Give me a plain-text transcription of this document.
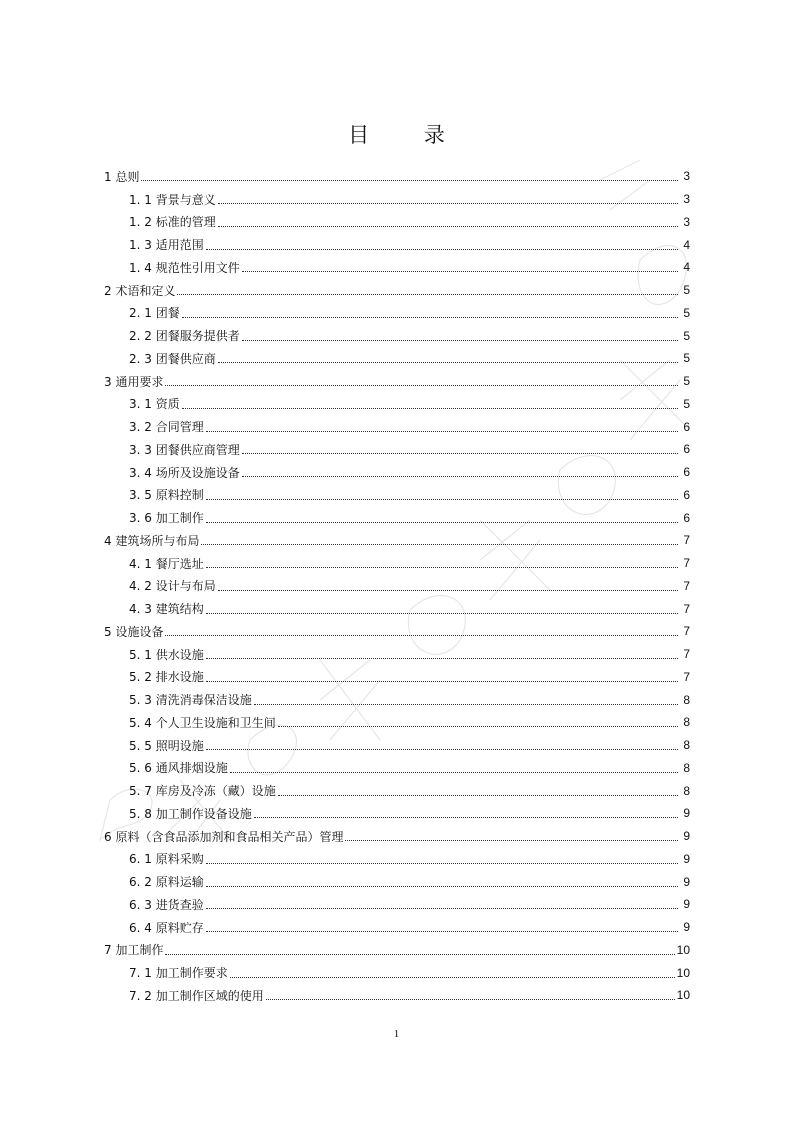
目 录
1 总则	3
1. 1 背景与意义	3
1. 2 标准的管理	3
1. 3 适用范围	4
1. 4 规范性引用文件	4
2 术语和定义	5
2. 1 团餐	5
2. 2 团餐服务提供者	5
2. 3 团餐供应商	5
3 通用要求	5
3. 1 资质	5
3. 2 合同管理	6
3. 3 团餐供应商管理	6
3. 4 场所及设施设备	6
3. 5 原料控制	6
3. 6 加工制作	6
4 建筑场所与布局	7
4. 1 餐厅选址	7
4. 2 设计与布局	7
4. 3 建筑结构	7
5 设施设备	7
5. 1 供水设施	7
5. 2 排水设施	7
5. 3 清洗消毒保洁设施	8
5. 4 个人卫生设施和卫生间	8
5. 5 照明设施	8
5. 6 通风排烟设施	8
5. 7 库房及冷冻（藏）设施	8
5. 8 加工制作设备设施	9
6 原料（含食品添加剂和食品相关产品）管理	9
6. 1 原料采购	9
6. 2 原料运输	9
6. 3 进货查验	9
6. 4 原料贮存	9
7 加工制作	10
7. 1 加工制作要求	10
7. 2 加工制作区域的使用	10
1
